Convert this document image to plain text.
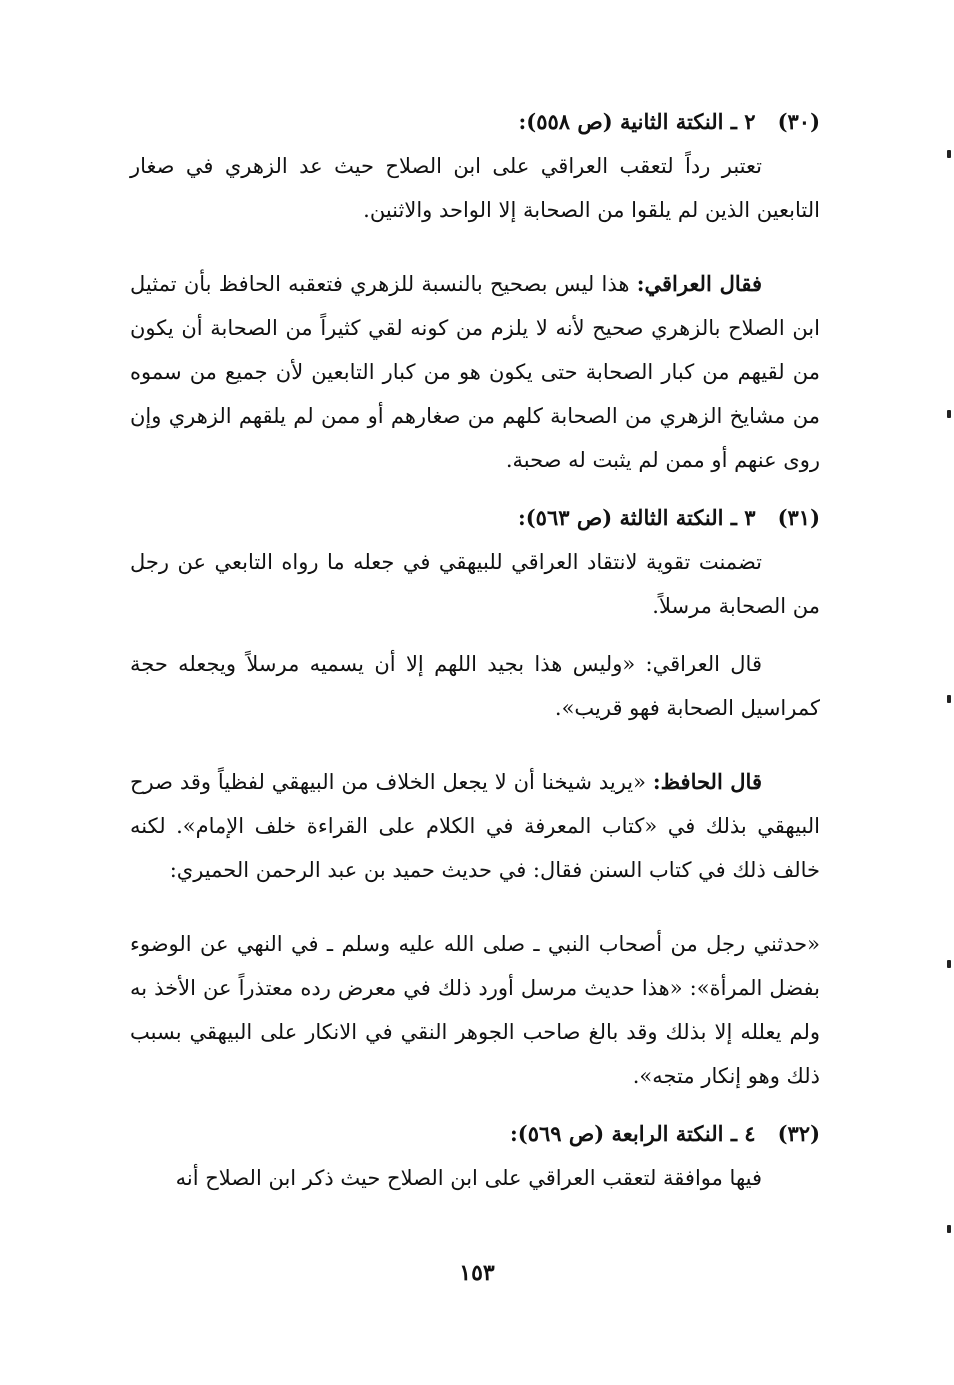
(٣٠)٢ ـ النكتة الثانية (ص ٥٥٨):

تعتبر رداً لتعقب العراقي على ابن الصلاح حيث عد الزهري في صغار التابعين الذين لم يلقوا من الصحابة إلا الواحد والاثنين.

فقال العراقي: هذا ليس بصحيح بالنسبة للزهري فتعقبه الحافظ بأن تمثيل ابن الصلاح بالزهري صحيح لأنه لا يلزم من كونه لقي كثيراً من الصحابة أن يكون من لقيهم من كبار الصحابة حتى يكون هو من كبار التابعين لأن جميع من سموه من مشايخ الزهري من الصحابة كلهم من صغارهم أو ممن لم يلقهم الزهري وإن روى عنهم أو ممن لم يثبت له صحبة.

(٣١)٣ ـ النكتة الثالثة (ص ٥٦٣):

تضمنت تقوية لانتقاد العراقي للبيهقي في جعله ما رواه التابعي عن رجل من الصحابة مرسلاً.

قال العراقي: «وليس هذا بجيد اللهم إلا أن يسميه مرسلاً ويجعله حجة كمراسيل الصحابة فهو قريب».

قال الحافظ: «يريد شيخنا أن لا يجعل الخلاف من البيهقي لفظياً وقد صرح البيهقي بذلك في «كتاب المعرفة في الكلام على القراءة خلف الإمام». لكنه خالف ذلك في كتاب السنن فقال: في حديث حميد بن عبد الرحمن الحميري:

«حدثني رجل من أصحاب النبي ـ صلى الله عليه وسلم ـ في النهي عن الوضوء بفضل المرأة»: «هذا حديث مرسل أورد ذلك في معرض رده معتذراً عن الأخذ به ولم يعلله إلا بذلك وقد بالغ صاحب الجوهر النقي في الانكار على البيهقي بسبب ذلك وهو إنكار متجه».

(٣٢)٤ ـ النكتة الرابعة (ص ٥٦٩):

فيها موافقة لتعقب العراقي على ابن الصلاح حيث ذكر ابن الصلاح أنه

١٥٣
